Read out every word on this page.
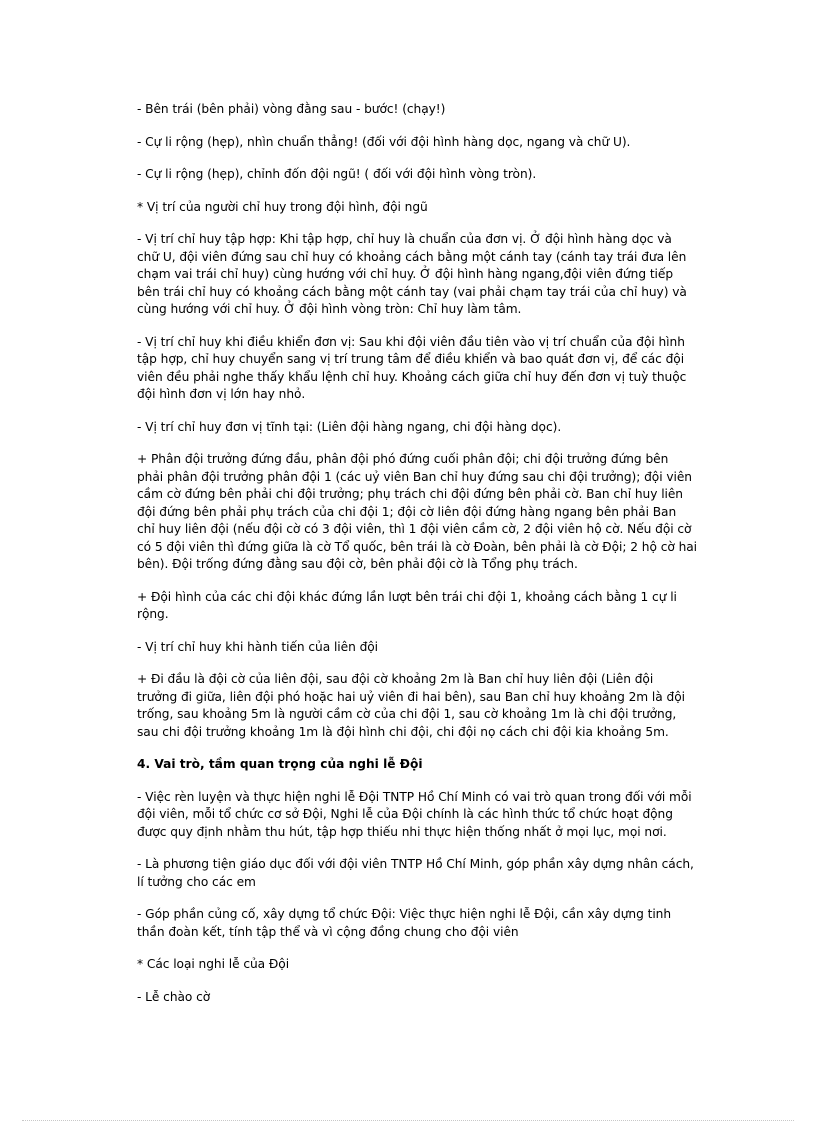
- Bên trái (bên phải) vòng đằng sau - bước! (chạy!)

- Cự li rộng (hẹp), nhìn chuẩn thẳng! (đối với đội hình hàng dọc, ngang và chữ U).

- Cự li rộng (hẹp), chỉnh đốn đội ngũ! ( đối với đội hình vòng tròn).

* Vị trí của người chỉ huy trong đội hình, đội ngũ

- Vị trí chỉ huy tập hợp: Khi tập hợp, chỉ huy là chuẩn của đơn vị. Ở đội hình hàng dọc và chữ U, đội viên đứng sau chỉ huy có khoảng cách bằng một cánh tay (cánh tay trái đưa lên chạm vai trái chỉ huy) cùng hướng với chỉ huy. Ở đội hình hàng ngang,đội viên đứng tiếp bên trái chỉ huy có khoảng cách bằng một cánh tay (vai phải chạm tay trái của chỉ huy) và cùng hướng với chỉ huy. Ở đội hình vòng tròn: Chỉ huy làm tâm.

- Vị trí chỉ huy khi điều khiển đơn vị: Sau khi đội viên đầu tiên vào vị trí chuẩn của đội hình tập hợp, chỉ huy chuyển sang vị trí trung tâm để điều khiển và bao quát đơn vị, để các đội viên đều phải nghe thấy khẩu lệnh chỉ huy. Khoảng cách giữa chỉ huy đến đơn vị tuỳ thuộc đội hình đơn vị lớn hay nhỏ.

- Vị trí chỉ huy đơn vị tĩnh tại: (Liên đội hàng ngang, chi đội hàng dọc).

+ Phân đội trưởng đứng đầu, phân đội phó đứng cuối phân đội; chi đội trưởng đứng bên phải phân đội trưởng phân đội 1 (các uỷ viên Ban chỉ huy đứng sau chi đội trưởng); đội viên cầm cờ đứng bên phải chi đội trưởng; phụ trách chi đội đứng bên phải cờ. Ban chỉ huy liên đội đứng bên phải phụ trách của chi đội 1; đội cờ liên đội đứng hàng ngang bên phải Ban chỉ huy liên đội (nếu đội cờ có 3 đội viên, thì 1 đội viên cầm cờ, 2 đội viên hộ cờ. Nếu đội cờ có 5 đội viên thì đứng giữa là cờ Tổ quốc, bên trái là cờ Đoàn, bên phải là cờ Đội; 2 hộ cờ hai bên). Đội trống đứng đằng sau đội cờ, bên phải đội cờ là Tổng phụ trách.

+ Đội hình của các chi đội khác đứng lần lượt bên trái chi đội 1, khoảng cách bằng 1 cự li rộng.

- Vị trí chỉ huy khi hành tiến của liên đội

+ Đi đầu là đội cờ của liên đội, sau đội cờ khoảng 2m là Ban chỉ huy liên đội (Liên đội trưởng đi giữa, liên đội phó hoặc hai uỷ viên đi hai bên), sau Ban chỉ huy khoảng 2m là đội trống, sau khoảng 5m là người cầm cờ của chi đội 1, sau cờ khoảng 1m là chi đội trưởng, sau chi đội trưởng khoảng 1m là đội hình chi đội, chi đội nọ cách chi đội kia khoảng 5m.

4. Vai trò, tầm quan trọng của nghi lễ Đội

- Việc rèn luyện và thực hiện nghi lễ Đội TNTP Hồ Chí Minh có vai trò quan trong đối với mỗi đội viên, mỗi tổ chức cơ sở Đội, Nghi lễ của Đội chính là các hình thức tổ chức hoạt động được quy định nhằm thu hút, tập hợp thiếu nhi thực hiện thống nhất ở mọi lục, mọi nơi.

- Là phương tiện giáo dục đối với đội viên TNTP Hồ Chí Minh, góp phần xây dựng nhân cách, lí tưởng cho các em

- Góp phần củng cố, xây dựng tổ chức Đội: Việc thực hiện nghi lễ Đội, cần xây dựng tinh thần đoàn kết, tính tập thể và vì cộng đồng chung cho đội viên

* Các loại nghi lễ của Đội

- Lễ chào cờ
